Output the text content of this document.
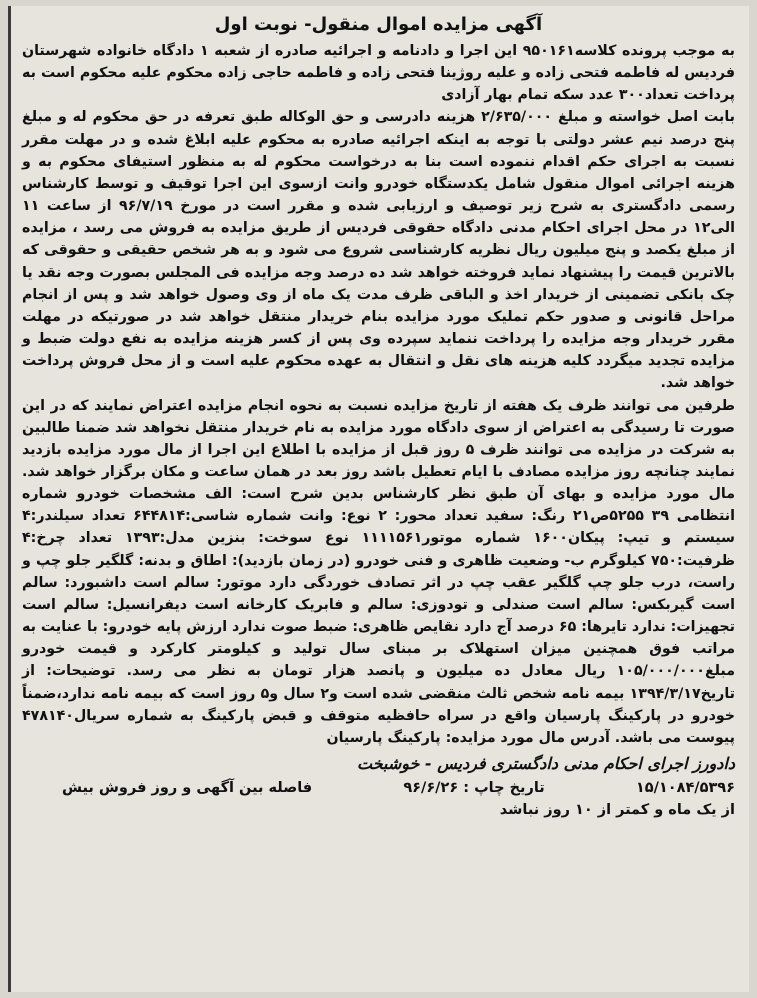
آگهی مزایده اموال منقول- نوبت اول

به موجب پرونده کلاسه۹۵۰۱۶۱ این اجرا و دادنامه و اجرائیه صادره از شعبه ۱ دادگاه خانواده شهرستان فردیس له فاطمه فتحی زاده و علیه روژینا فتحی زاده و فاطمه حاجی زاده محکوم علیه محکوم است به پرداخت تعداد۳۰۰ عدد سکه تمام بهار آزادی

بابت اصل خواسته و مبلغ ۲/۶۳۵/۰۰۰ هزینه دادرسی و حق الوکاله طبق تعرفه در حق محکوم له و مبلغ پنج درصد نیم عشر دولتی با توجه به اینکه اجرائیه صادره به محکوم علیه ابلاغ شده و در مهلت مقرر نسبت به اجرای حکم اقدام ننموده است بنا به درخواست محکوم له به منظور استیفای محکوم به و هزینه اجرائی اموال منقول شامل یکدستگاه خودرو وانت ازسوی این اجرا توقیف و توسط کارشناس رسمی دادگستری به شرح زیر توصیف و ارزیابی شده و مقرر است در مورخ ۹۶/۷/۱۹ از ساعت ۱۱ الی۱۲ در محل اجرای احکام مدنی دادگاه حقوقی فردیس از طریق مزایده به فروش می رسد ، مزایده از مبلغ یکصد و پنج میلیون ریال نظریه کارشناسی شروع می شود و به هر شخص حقیقی و حقوقی که بالاترین قیمت را پیشنهاد نماید فروخته خواهد شد ده درصد وجه مزایده فی المجلس بصورت وجه نقد یا چک بانکی تضمینی از خریدار اخذ و الباقی ظرف مدت یک ماه از وی وصول خواهد شد و پس از انجام مراحل قانونی و صدور حکم تملیک مورد مزایده بنام خریدار منتقل خواهد شد در صورتیکه در مهلت مقرر خریدار وجه مزایده را پرداخت ننماید سپرده وی پس از کسر هزینه مزایده به نفع دولت ضبط و مزایده تجدید میگردد کلیه هزینه های نقل و انتقال به عهده محکوم علیه است و از محل فروش پرداخت خواهد شد.

طرفین می توانند ظرف یک هفته از تاریخ مزایده نسبت به نحوه انجام مزایده اعتراض نمایند که در این صورت تا رسیدگی به اعتراض از سوی دادگاه مورد مزایده به نام خریدار منتقل نخواهد شد ضمنا طالبین به شرکت در مزایده می توانند ظرف ۵ روز قبل از مزایده با اطلاع این اجرا از مال مورد مزایده بازدید نمایند چنانچه روز مزایده مصادف با ایام تعطیل باشد روز بعد در همان ساعت و مکان برگزار خواهد شد. مال مورد مزایده و بهای آن طبق نظر کارشناس بدین شرح است: الف مشخصات خودرو شماره انتظامی ۳۹ ۵۲۵۵ص۲۱ رنگ: سفید تعداد محور: ۲ نوع: وانت شماره شاسی:۶۴۴۸۱۴ تعداد سیلندر:۴ سیستم و تیپ: پیکان۱۶۰۰ شماره موتور۱۱۱۱۵۶۱ نوع سوخت: بنزین مدل:۱۳۹۳ تعداد چرخ:۴ ظرفیت:۷۵۰ کیلوگرم ب- وضعیت ظاهری و فنی خودرو (در زمان بازدید): اطاق و بدنه: گلگیر جلو چپ و راست، درب جلو چپ گلگیر عقب چپ در اثر تصادف خوردگی دارد موتور: سالم است داشبورد: سالم است گیربکس: سالم است صندلی و تودوزی: سالم و فابریک کارخانه است دیفرانسیل: سالم است تجهیزات: ندارد تایرها: ۶۵ درصد آج دارد نقایص ظاهری: ضبط صوت ندارد ارزش پایه خودرو: با عنایت به مراتب فوق همچنین میزان استهلاک بر مبنای سال تولید و کیلومتر کارکرد و قیمت خودرو مبلغ۱۰۵/۰۰۰/۰۰۰ ریال معادل ده میلیون و پانصد هزار تومان به نظر می رسد. توضیحات: از تاریخ۱۳۹۴/۳/۱۷ بیمه نامه شخص ثالث منقضی شده است و۲ سال و۵ روز است که بیمه نامه ندارد،ضمناً خودرو در پارکینگ پارسیان واقع در سراه حافظیه متوقف و قبض پارکینگ به شماره سریال۴۷۸۱۴۰ پیوست می باشد. آدرس مال مورد مزایده: پارکینگ پارسیان

دادورز اجرای احکام مدنی دادگستری فردیس - خوشبخت
۱۵/۱۰۸۴/۵۳۹۶
تاریخ چاپ : ۹۶/۶/۲۶
فاصله بین آگهی و روز فروش بیش
از یک ماه و کمتر از ۱۰ روز نباشد
